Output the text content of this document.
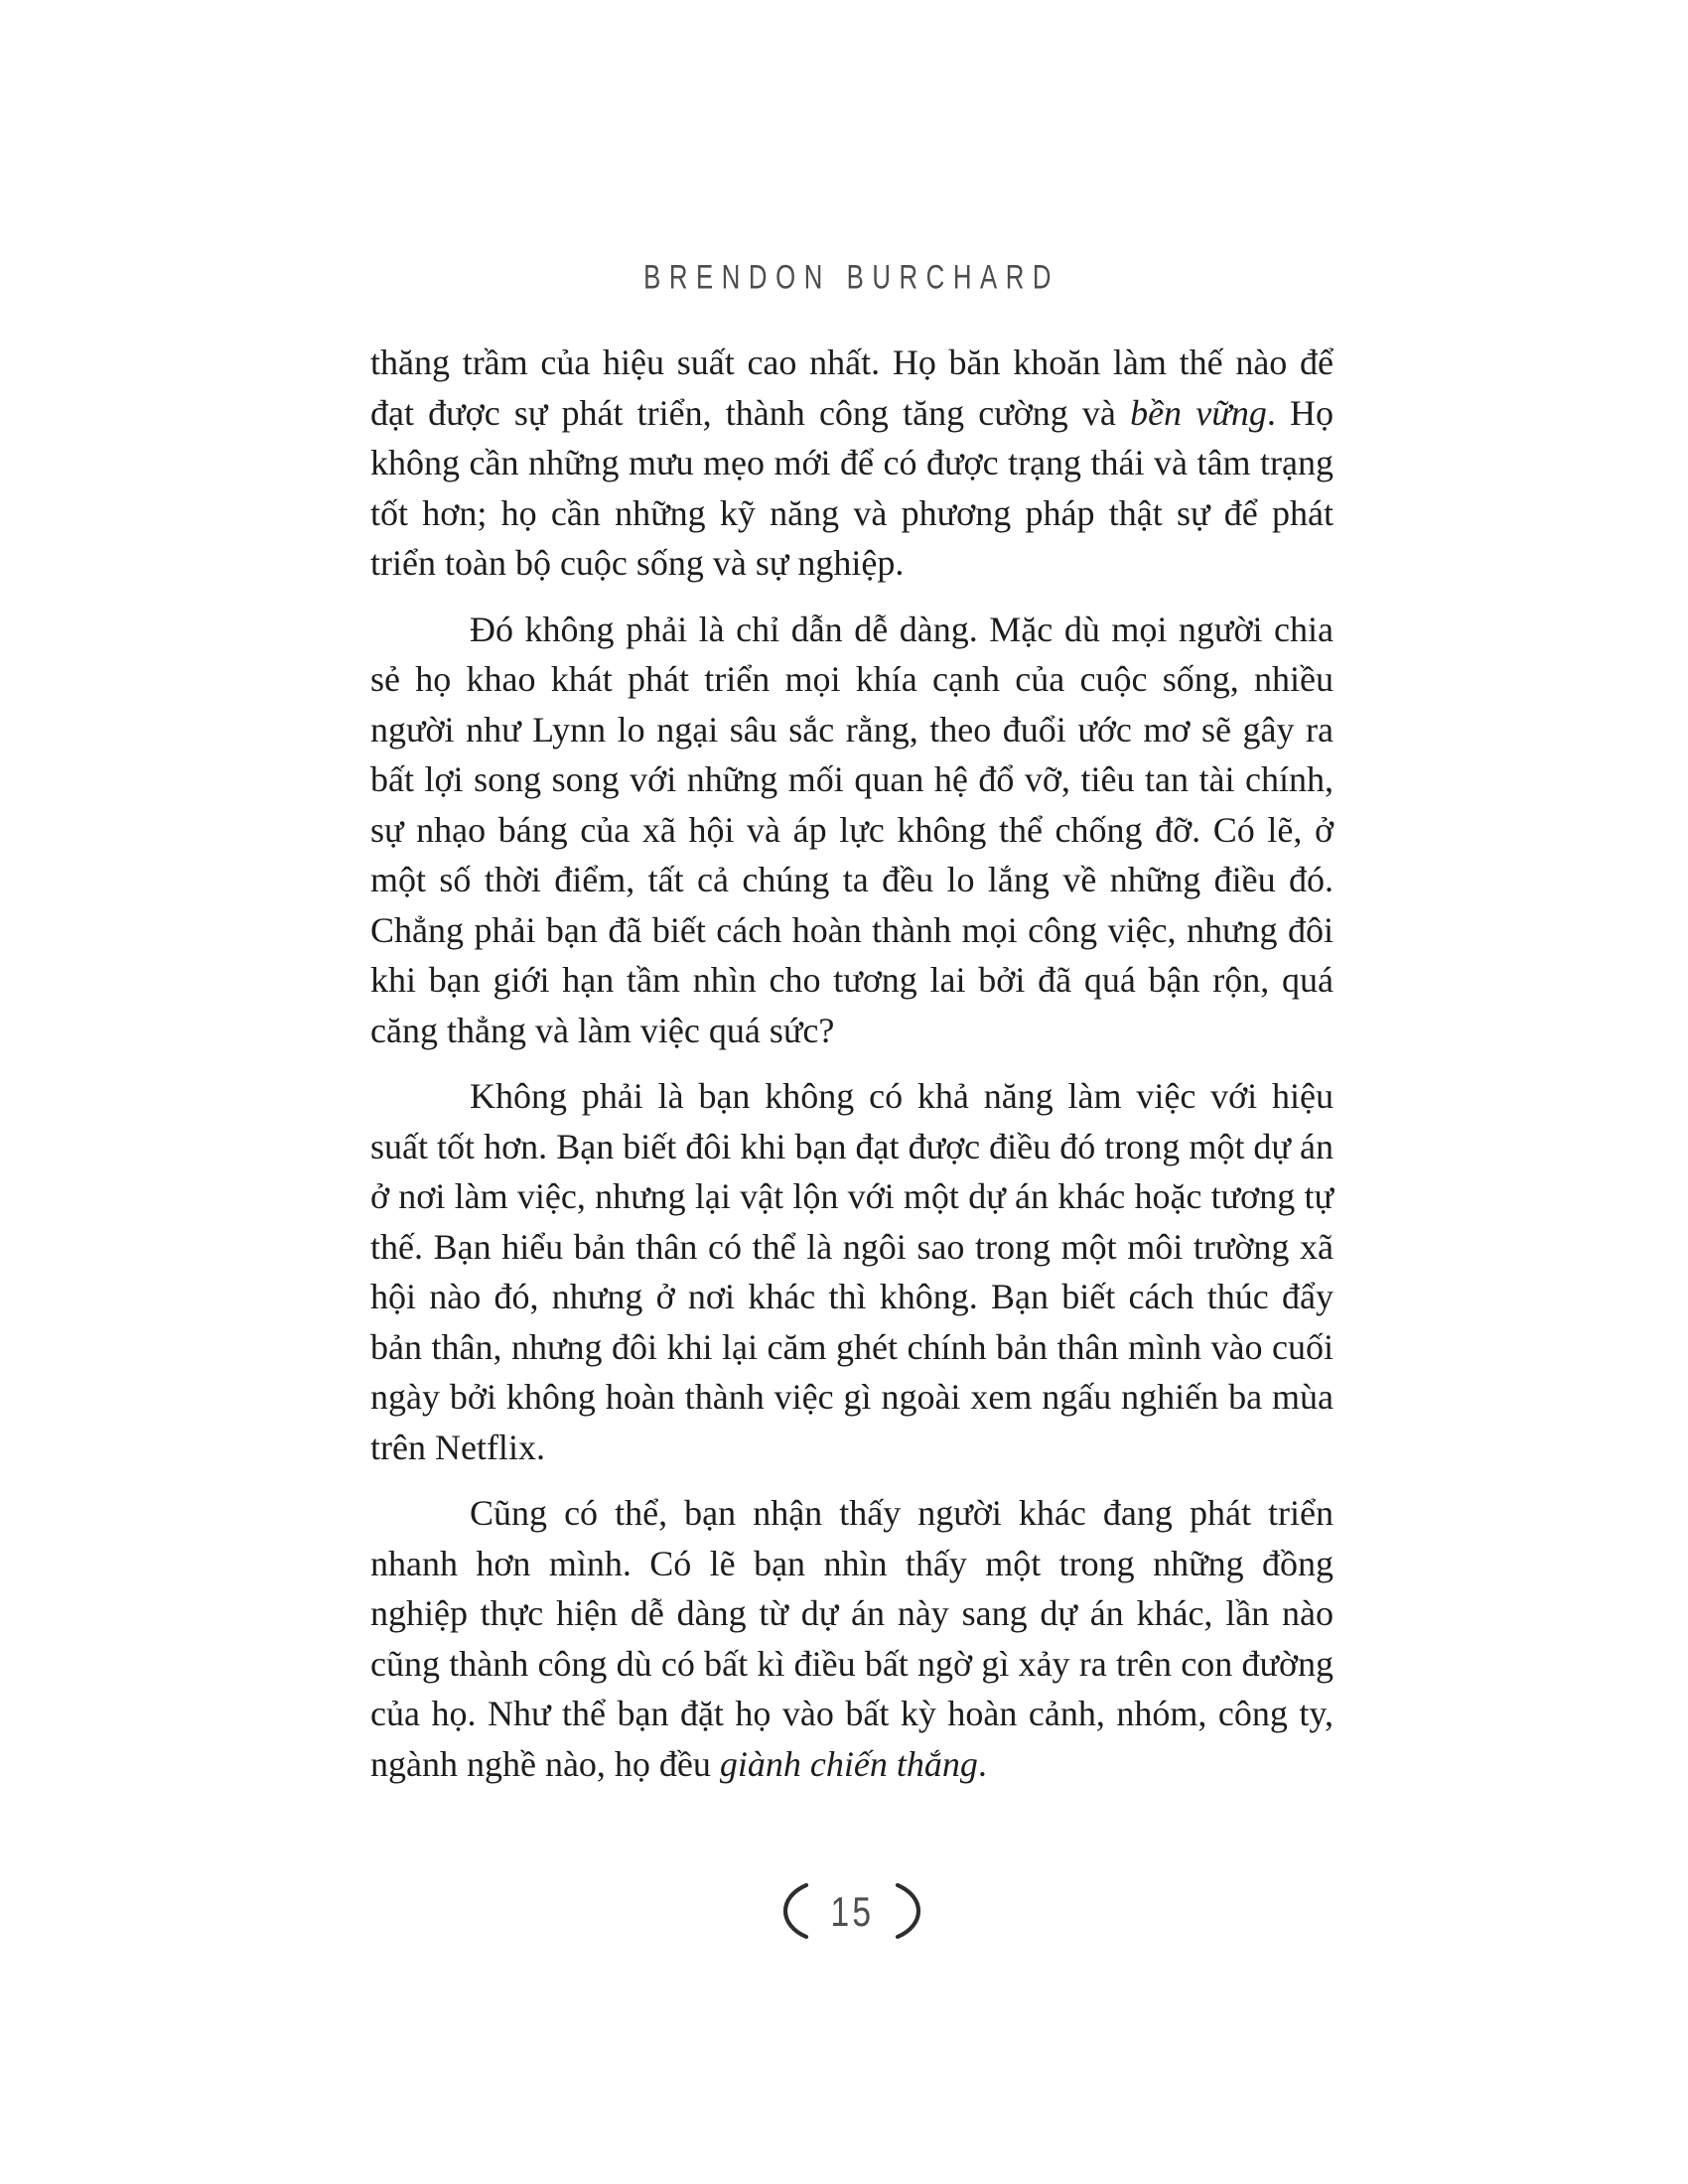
BRENDON BURCHARD

thăng trầm của hiệu suất cao nhất. Họ băn khoăn làm thế nào để đạt được sự phát triển, thành công tăng cường và bền vững. Họ không cần những mưu mẹo mới để có được trạng thái và tâm trạng tốt hơn; họ cần những kỹ năng và phương pháp thật sự để phát triển toàn bộ cuộc sống và sự nghiệp.

Đó không phải là chỉ dẫn dễ dàng. Mặc dù mọi người chia sẻ họ khao khát phát triển mọi khía cạnh của cuộc sống, nhiều người như Lynn lo ngại sâu sắc rằng, theo đuổi ước mơ sẽ gây ra bất lợi song song với những mối quan hệ đổ vỡ, tiêu tan tài chính, sự nhạo báng của xã hội và áp lực không thể chống đỡ. Có lẽ, ở một số thời điểm, tất cả chúng ta đều lo lắng về những điều đó. Chẳng phải bạn đã biết cách hoàn thành mọi công việc, nhưng đôi khi bạn giới hạn tầm nhìn cho tương lai bởi đã quá bận rộn, quá căng thẳng và làm việc quá sức?

Không phải là bạn không có khả năng làm việc với hiệu suất tốt hơn. Bạn biết đôi khi bạn đạt được điều đó trong một dự án ở nơi làm việc, nhưng lại vật lộn với một dự án khác hoặc tương tự thế. Bạn hiểu bản thân có thể là ngôi sao trong một môi trường xã hội nào đó, nhưng ở nơi khác thì không. Bạn biết cách thúc đẩy bản thân, nhưng đôi khi lại căm ghét chính bản thân mình vào cuối ngày bởi không hoàn thành việc gì ngoài xem ngấu nghiến ba mùa trên Netflix.

Cũng có thể, bạn nhận thấy người khác đang phát triển nhanh hơn mình. Có lẽ bạn nhìn thấy một trong những đồng nghiệp thực hiện dễ dàng từ dự án này sang dự án khác, lần nào cũng thành công dù có bất kì điều bất ngờ gì xảy ra trên con đường của họ. Như thể bạn đặt họ vào bất kỳ hoàn cảnh, nhóm, công ty, ngành nghề nào, họ đều giành chiến thắng.

15
